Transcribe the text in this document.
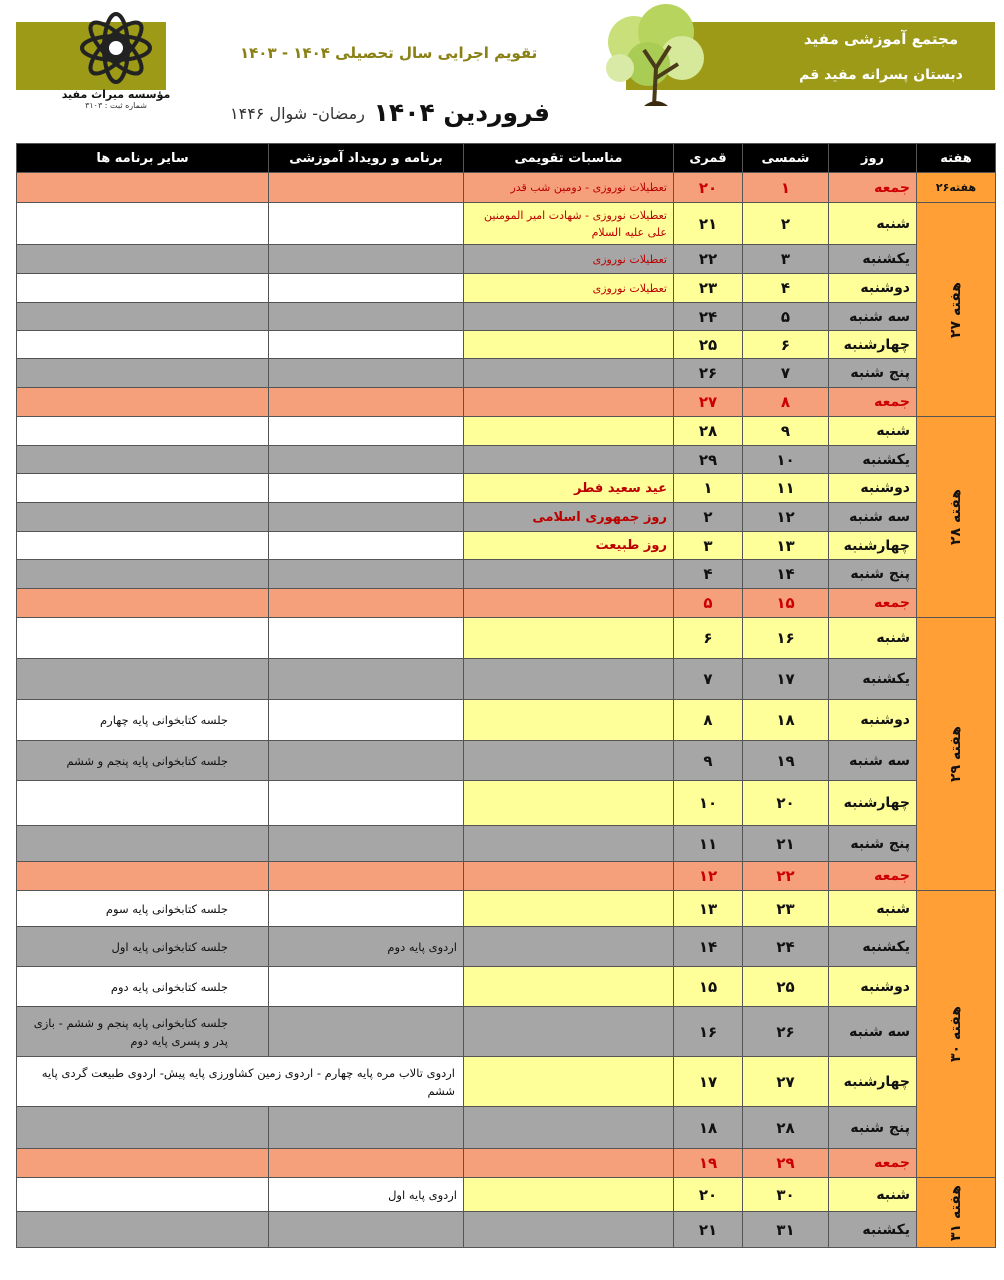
مجتمع آموزشی مفید
دبستان پسرانه مفید قم
تقویم اجرایی سال تحصیلی ۱۴۰۴ - ۱۴۰۳
مؤسسه میراث مفید
شماره ثبت : ۳۱۰۳	فروردین ۱۴۰۴
رمضان- شوال ۱۴۴۶
هفته	روز	شمسی	قمری	مناسبات تقویمی	برنامه و رویداد آموزشی	سایر برنامه ها
هفته۲۶	جمعه	۱	۲۰	تعطیلات نوروزی - دومین شب قدر		
هفته ۲۷	شنبه	۲	۲۱	تعطیلات نوروزی - شهادت امیر المومنین علی علیه السلام		
	یکشنبه	۳	۲۲	تعطیلات نوروزی		
	دوشنبه	۴	۲۳	تعطیلات نوروزی		
	سه شنبه	۵	۲۴			
	چهارشنبه	۶	۲۵			
	پنج شنبه	۷	۲۶			
	جمعه	۸	۲۷			
هفته ۲۸	شنبه	۹	۲۸			
	یکشنبه	۱۰	۲۹			
	دوشنبه	۱۱	۱	عید سعید فطر		
	سه شنبه	۱۲	۲	روز جمهوری اسلامی		
	چهارشنبه	۱۳	۳	روز طبیعت		
	پنج شنبه	۱۴	۴			
	جمعه	۱۵	۵			
هفته ۲۹	شنبه	۱۶	۶			
	یکشنبه	۱۷	۷			
	دوشنبه	۱۸	۸			جلسه کتابخوانی پایه چهارم
	سه شنبه	۱۹	۹			جلسه کتابخوانی پایه پنجم و ششم
	چهارشنبه	۲۰	۱۰			
	پنج شنبه	۲۱	۱۱			
	جمعه	۲۲	۱۲			
هفته ۳۰	شنبه	۲۳	۱۳			جلسه کتابخوانی پایه سوم
	یکشنبه	۲۴	۱۴		اردوی پایه دوم	جلسه کتابخوانی پایه اول
	دوشنبه	۲۵	۱۵			جلسه کتابخوانی پایه دوم
	سه شنبه	۲۶	۱۶			جلسه کتابخوانی پایه پنجم و ششم - بازی پدر و پسری پایه دوم
	چهارشنبه	۲۷	۱۷		اردوی تالاب مره پایه چهارم - اردوی زمین کشاورزی پایه پیش- اردوی طبیعت گردی پایه ششم	
	پنج شنبه	۲۸	۱۸			
	جمعه	۲۹	۱۹			
هفته ۳۱	شنبه	۳۰	۲۰		اردوی پایه اول	
	یکشنبه	۳۱	۲۱			
